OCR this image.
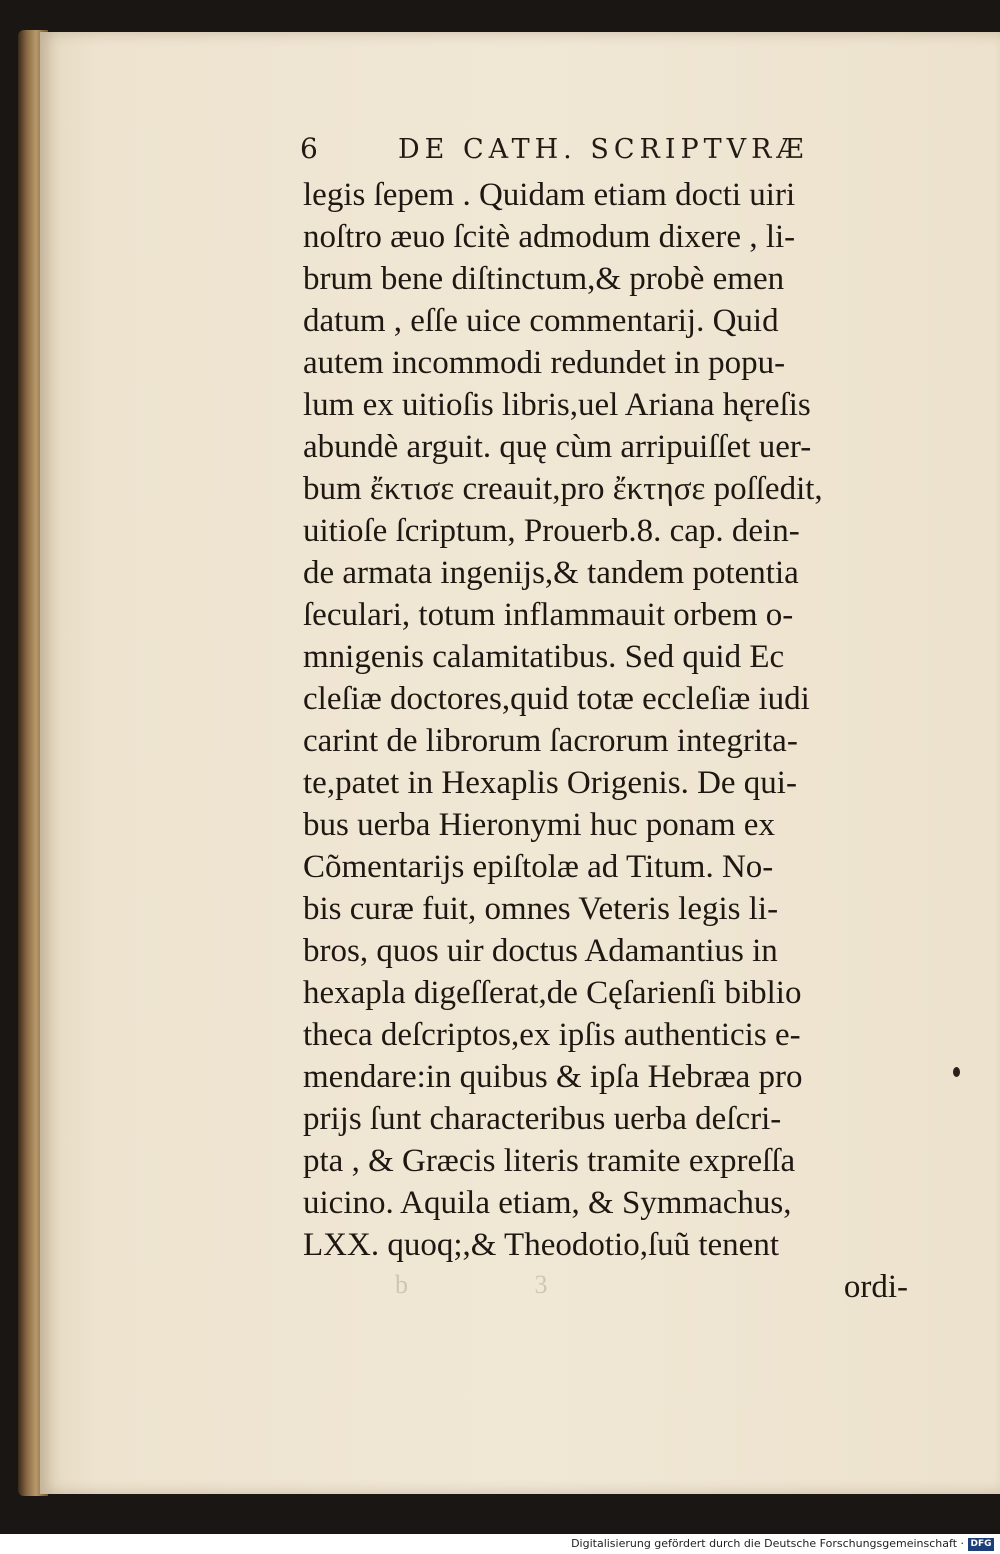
6	DE CATH. SCRIPTVRÆ
legis ſepem . Quidam etiam docti uiri
noſtro æuo ſcitè admodum dixere , li-
brum bene diſtinctum,& probè emen
datum , eſſe uice commentarij. Quid
autem incommodi redundet in popu-
lum ex uitioſis libris,uel Ariana hęreſis
abundè arguit. quę cùm arripuiſſet uer-
bum ἔκτισε creauit,pro ἔκτησε poſſedit,
uitioſe ſcriptum, Prouerb.8. cap. dein-
de armata ingenijs,& tandem potentia
ſeculari, totum inflammauit orbem o-
mnigenis calamitatibus. Sed quid Ec
cleſiæ doctores,quid totæ eccleſiæ iudi
carint de librorum ſacrorum integrita-
te,patet in Hexaplis Origenis. De qui-
bus uerba Hieronymi huc ponam ex
Cõmentarijs epiſtolæ ad Titum. No-
bis curæ fuit, omnes Veteris legis li-
bros, quos uir doctus Adamantius in
hexapla digeſſerat,de Cęſarienſi biblio
theca deſcriptos,ex ipſis authenticis e-
mendare:in quibus & ipſa Hebræa pro
prijs ſunt characteribus uerba deſcri-
pta , & Græcis literis tramite expreſſa
uicino. Aquila etiam, & Symmachus,
LXX. quoq;,& Theodotio,ſuũ tenent
ordi-
b 3
Digitalisierung gefördert durch die Deutsche Forschungsgemeinschaft · DFG
